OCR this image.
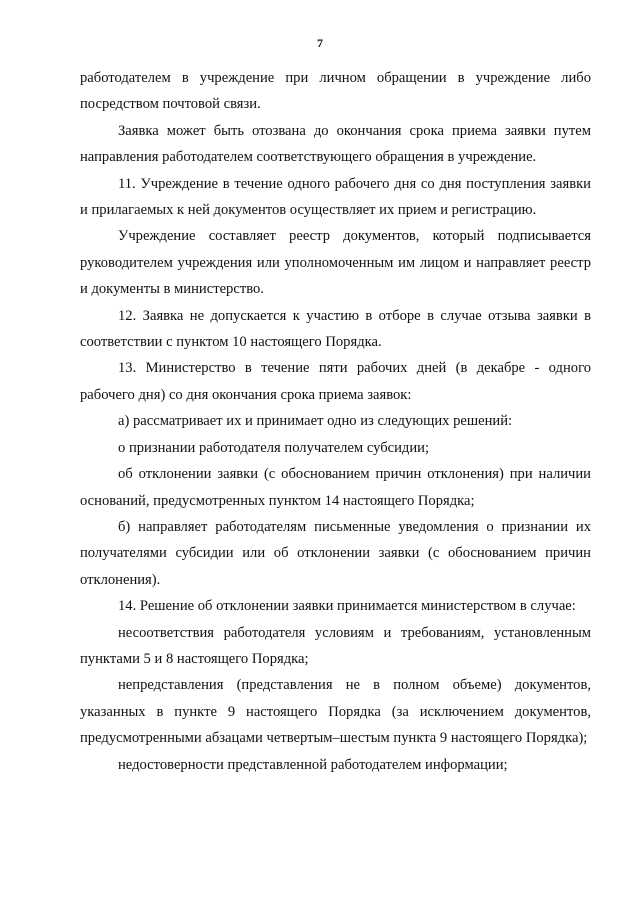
7

работодателем в учреждение при личном обращении в учреждение либо посредством почтовой связи.

Заявка может быть отозвана до окончания срока приема заявки путем направления работодателем соответствующего обращения в учреждение.

11. Учреждение в течение одного рабочего дня со дня поступления заявки и прилагаемых к ней документов осуществляет их прием и регистрацию.

Учреждение составляет реестр документов, который подписывается руководителем учреждения или уполномоченным им лицом и направляет реестр и документы в министерство.

12. Заявка не допускается к участию в отборе в случае отзыва заявки в соответствии с пунктом 10 настоящего Порядка.

13. Министерство в течение пяти рабочих дней (в декабре - одного рабочего дня) со дня окончания срока приема заявок:

а) рассматривает их и принимает одно из следующих решений:

о признании работодателя получателем субсидии;

об отклонении заявки (с обоснованием причин отклонения) при наличии оснований, предусмотренных пунктом 14 настоящего Порядка;

б) направляет работодателям письменные уведомления о признании их получателями субсидии или об отклонении заявки (с обоснованием причин отклонения).

14. Решение об отклонении заявки принимается министерством в случае:

несоответствия работодателя условиям и требованиям, установленным пунктами 5 и 8 настоящего Порядка;

непредставления (представления не в полном объеме) документов, указанных в пункте 9 настоящего Порядка (за исключением документов, предусмотренными абзацами четвертым–шестым пункта 9 настоящего Порядка);

недостоверности представленной работодателем информации;
